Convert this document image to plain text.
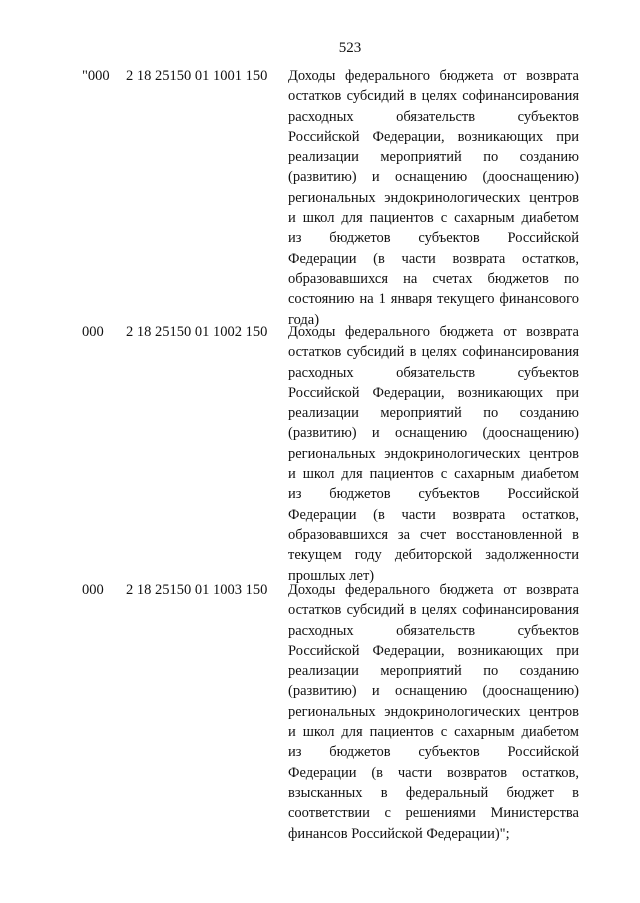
523
"000 2 18 25150 01 1001 150 Доходы федерального бюджета от возврата
остатков субсидий в целях софинансирования
расходных обязательств субъектов
Российской Федерации, возникающих при
реализации мероприятий по созданию
(развитию) и оснащению (дооснащению)
региональных эндокринологических центров
и школ для пациентов с сахарным диабетом
из бюджетов субъектов Российской
Федерации (в части возврата остатков,
образовавшихся на счетах бюджетов по
состоянию на 1 января текущего финансового
года)
000 2 18 25150 01 1002 150 Доходы федерального бюджета от возврата
остатков субсидий в целях софинансирования
расходных обязательств субъектов
Российской Федерации, возникающих при
реализации мероприятий по созданию
(развитию) и оснащению (дооснащению)
региональных эндокринологических центров
и школ для пациентов с сахарным диабетом
из бюджетов субъектов Российской
Федерации (в части возврата остатков,
образовавшихся за счет восстановленной в
текущем году дебиторской задолженности
прошлых лет)
000 2 18 25150 01 1003 150 Доходы федерального бюджета от возврата
остатков субсидий в целях софинансирования
расходных обязательств субъектов
Российской Федерации, возникающих при
реализации мероприятий по созданию
(развитию) и оснащению (дооснащению)
региональных эндокринологических центров
и школ для пациентов с сахарным диабетом
из бюджетов субъектов Российской
Федерации (в части возвратов остатков,
взысканных в федеральный бюджет в
соответствии с решениями Министерства
финансов Российской Федерации)";
